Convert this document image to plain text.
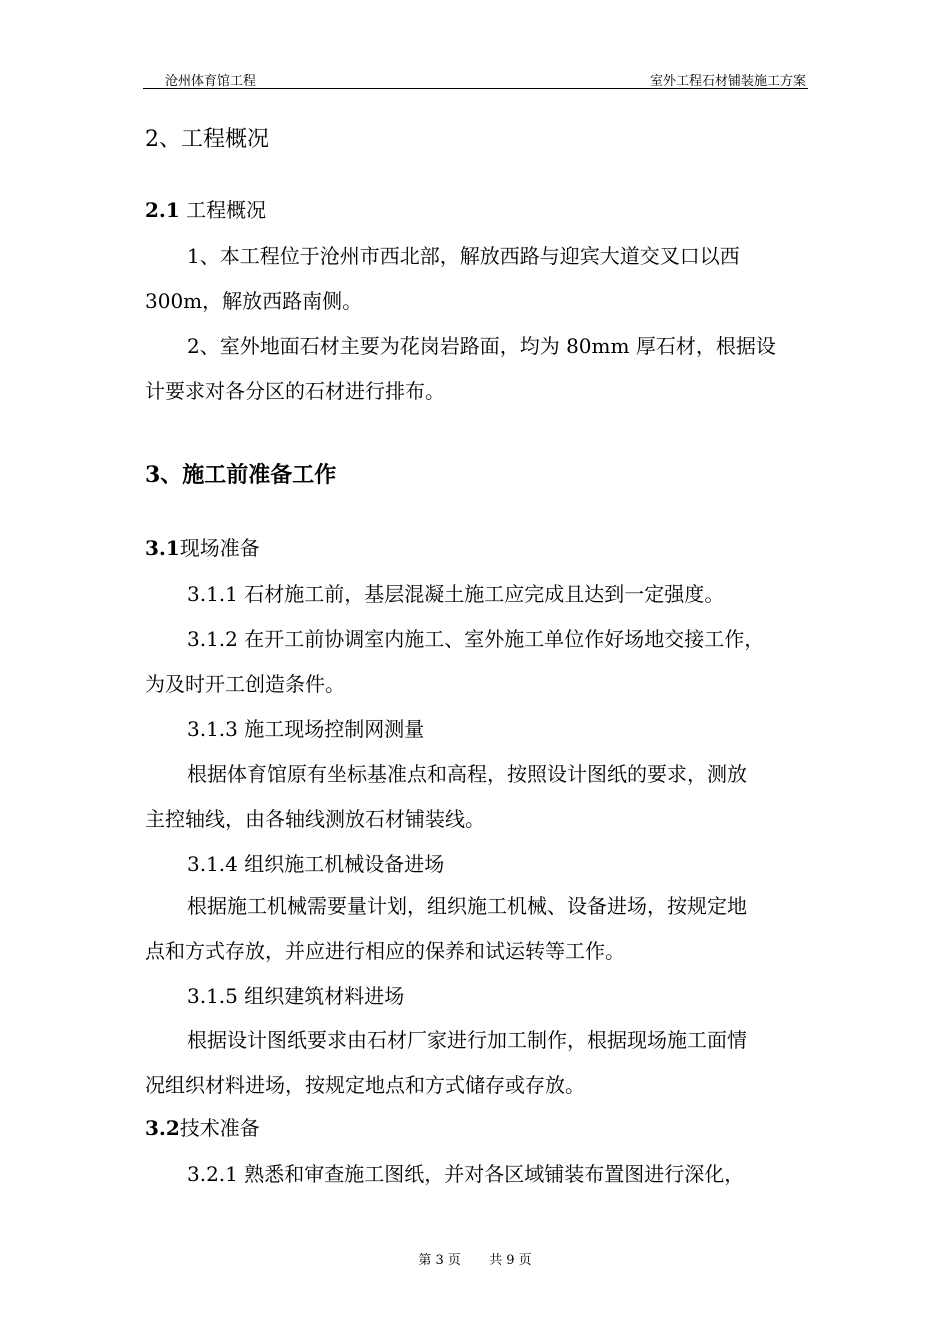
沧州体育馆工程	室外工程石材铺装施工方案
2、工程概况
2.1 工程概况
1、本工程位于沧州市西北部，解放西路与迎宾大道交叉口以西
300m，解放西路南侧。
2、室外地面石材主要为花岗岩路面，均为 80mm 厚石材，根据设
计要求对各分区的石材进行排布。
3、施工前准备工作
3.1现场准备
3.1.1 石材施工前，基层混凝土施工应完成且达到一定强度。
3.1.2 在开工前协调室内施工、室外施工单位作好场地交接工作，
为及时开工创造条件。
3.1.3 施工现场控制网测量
根据体育馆原有坐标基准点和高程，按照设计图纸的要求，测放
主控轴线，由各轴线测放石材铺装线。
3.1.4 组织施工机械设备进场
根据施工机械需要量计划，组织施工机械、设备进场，按规定地
点和方式存放，并应进行相应的保养和试运转等工作。
3.1.5 组织建筑材料进场
根据设计图纸要求由石材厂家进行加工制作，根据现场施工面情
况组织材料进场，按规定地点和方式储存或存放。
3.2技术准备
3.2.1 熟悉和审查施工图纸，并对各区域铺装布置图进行深化，
第 3 页 共 9 页
